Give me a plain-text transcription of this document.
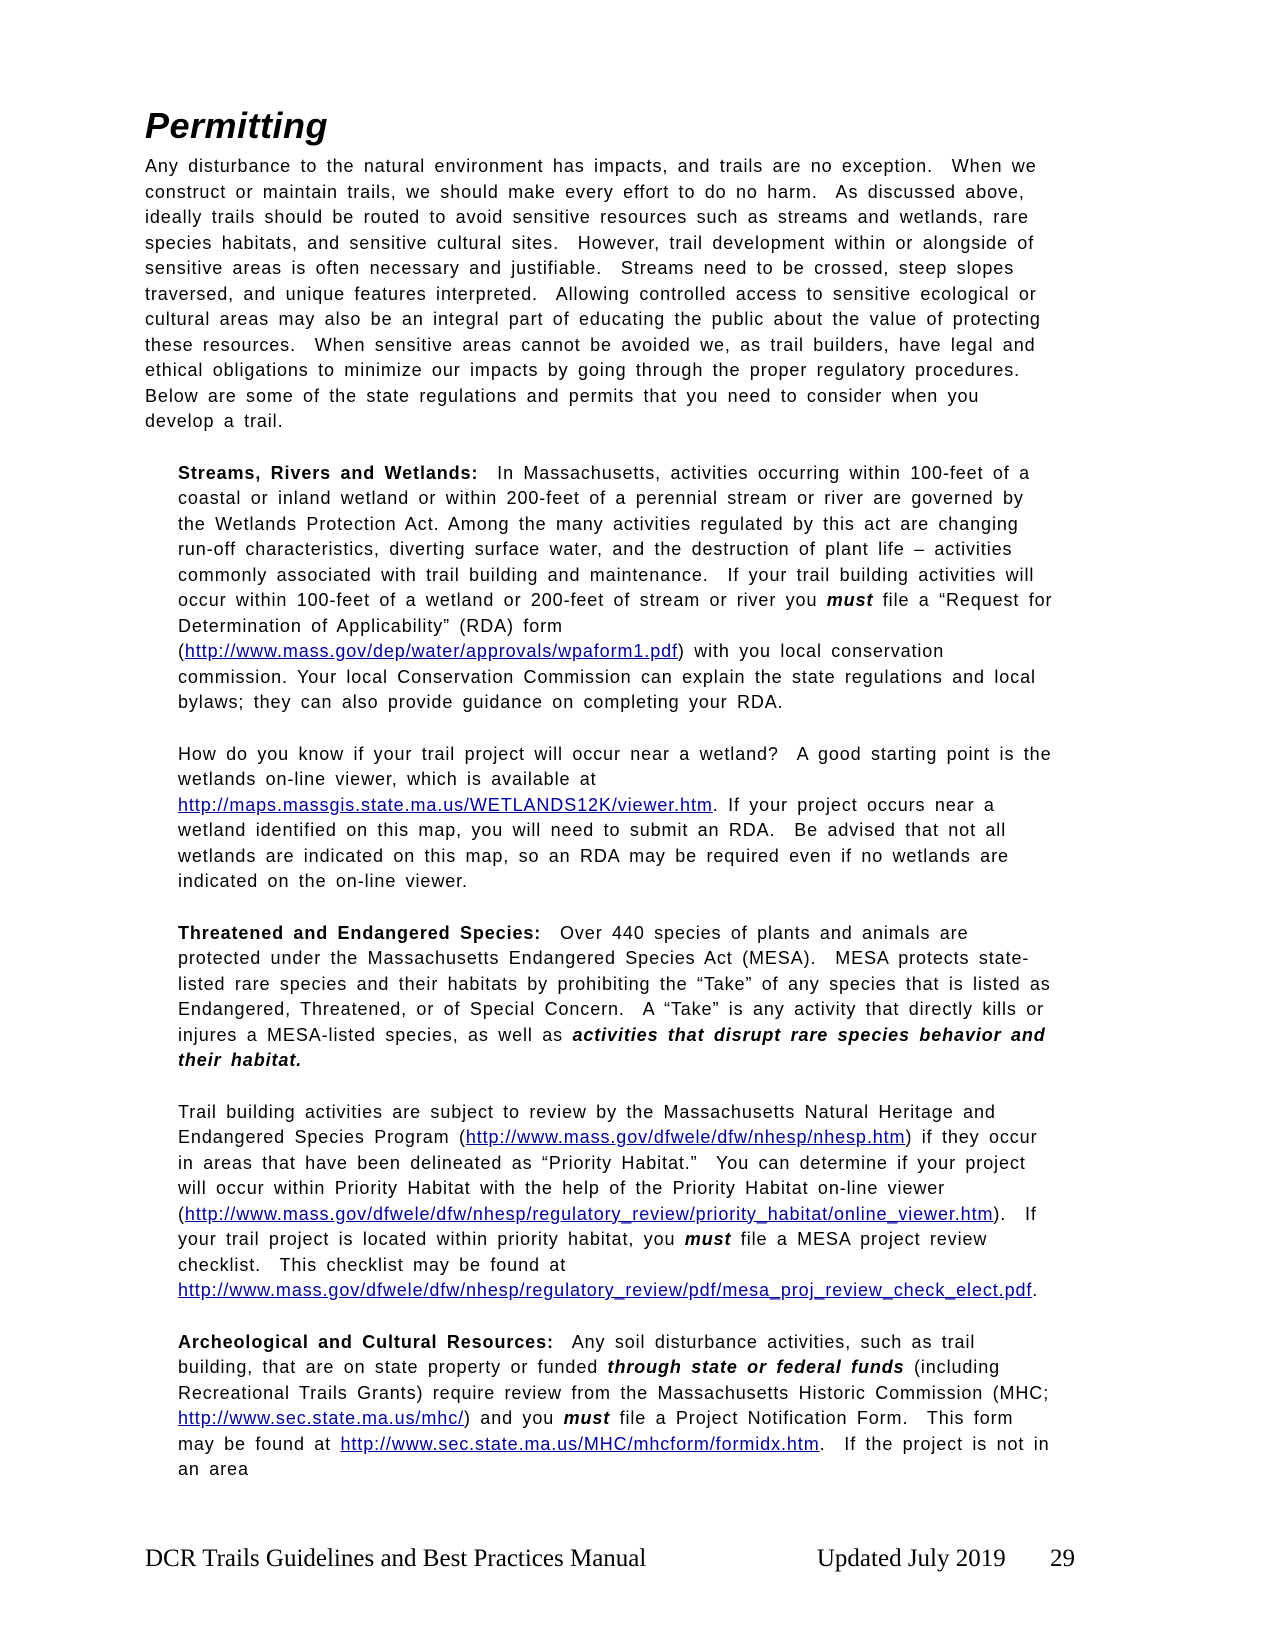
Permitting

Any disturbance to the natural environment has impacts, and trails are no exception.  When we construct or maintain trails, we should make every effort to do no harm.  As discussed above, ideally trails should be routed to avoid sensitive resources such as streams and wetlands, rare species habitats, and sensitive cultural sites.  However, trail development within or alongside of sensitive areas is often necessary and justifiable.  Streams need to be crossed, steep slopes traversed, and unique features interpreted.  Allowing controlled access to sensitive ecological or cultural areas may also be an integral part of educating the public about the value of protecting these resources.  When sensitive areas cannot be avoided we, as trail builders, have legal and ethical obligations to minimize our impacts by going through the proper regulatory procedures.  Below are some of the state regulations and permits that you need to consider when you develop a trail.

Streams, Rivers and Wetlands:  In Massachusetts, activities occurring within 100-feet of a coastal or inland wetland or within 200-feet of a perennial stream or river are governed by the Wetlands Protection Act. Among the many activities regulated by this act are changing run-off characteristics, diverting surface water, and the destruction of plant life – activities commonly associated with trail building and maintenance.  If your trail building activities will occur within 100-feet of a wetland or 200-feet of stream or river you must file a “Request for Determination of Applicability” (RDA) form (http://www.mass.gov/dep/water/approvals/wpaform1.pdf) with you local conservation commission. Your local Conservation Commission can explain the state regulations and local bylaws; they can also provide guidance on completing your RDA.

How do you know if your trail project will occur near a wetland?  A good starting point is the wetlands on-line viewer, which is available at http://maps.massgis.state.ma.us/WETLANDS12K/viewer.htm. If your project occurs near a wetland identified on this map, you will need to submit an RDA.  Be advised that not all wetlands are indicated on this map, so an RDA may be required even if no wetlands are indicated on the on-line viewer.

Threatened and Endangered Species:  Over 440 species of plants and animals are protected under the Massachusetts Endangered Species Act (MESA).  MESA protects state-listed rare species and their habitats by prohibiting the “Take” of any species that is listed as Endangered, Threatened, or of Special Concern.  A “Take” is any activity that directly kills or injures a MESA-listed species, as well as activities that disrupt rare species behavior and their habitat.

Trail building activities are subject to review by the Massachusetts Natural Heritage and Endangered Species Program (http://www.mass.gov/dfwele/dfw/nhesp/nhesp.htm) if they occur in areas that have been delineated as “Priority Habitat.”  You can determine if your project will occur within Priority Habitat with the help of the Priority Habitat on-line viewer (http://www.mass.gov/dfwele/dfw/nhesp/regulatory_review/priority_habitat/online_viewer.htm).  If your trail project is located within priority habitat, you must file a MESA project review checklist.  This checklist may be found at http://www.mass.gov/dfwele/dfw/nhesp/regulatory_review/pdf/mesa_proj_review_check_elect.pdf.

Archeological and Cultural Resources:  Any soil disturbance activities, such as trail building, that are on state property or funded through state or federal funds (including Recreational Trails Grants) require review from the Massachusetts Historic Commission (MHC; http://www.sec.state.ma.us/mhc/) and you must file a Project Notification Form.  This form may be found at http://www.sec.state.ma.us/MHC/mhcform/formidx.htm.  If the project is not in an area

DCR Trails Guidelines and Best Practices Manual	Updated July 2019 29
